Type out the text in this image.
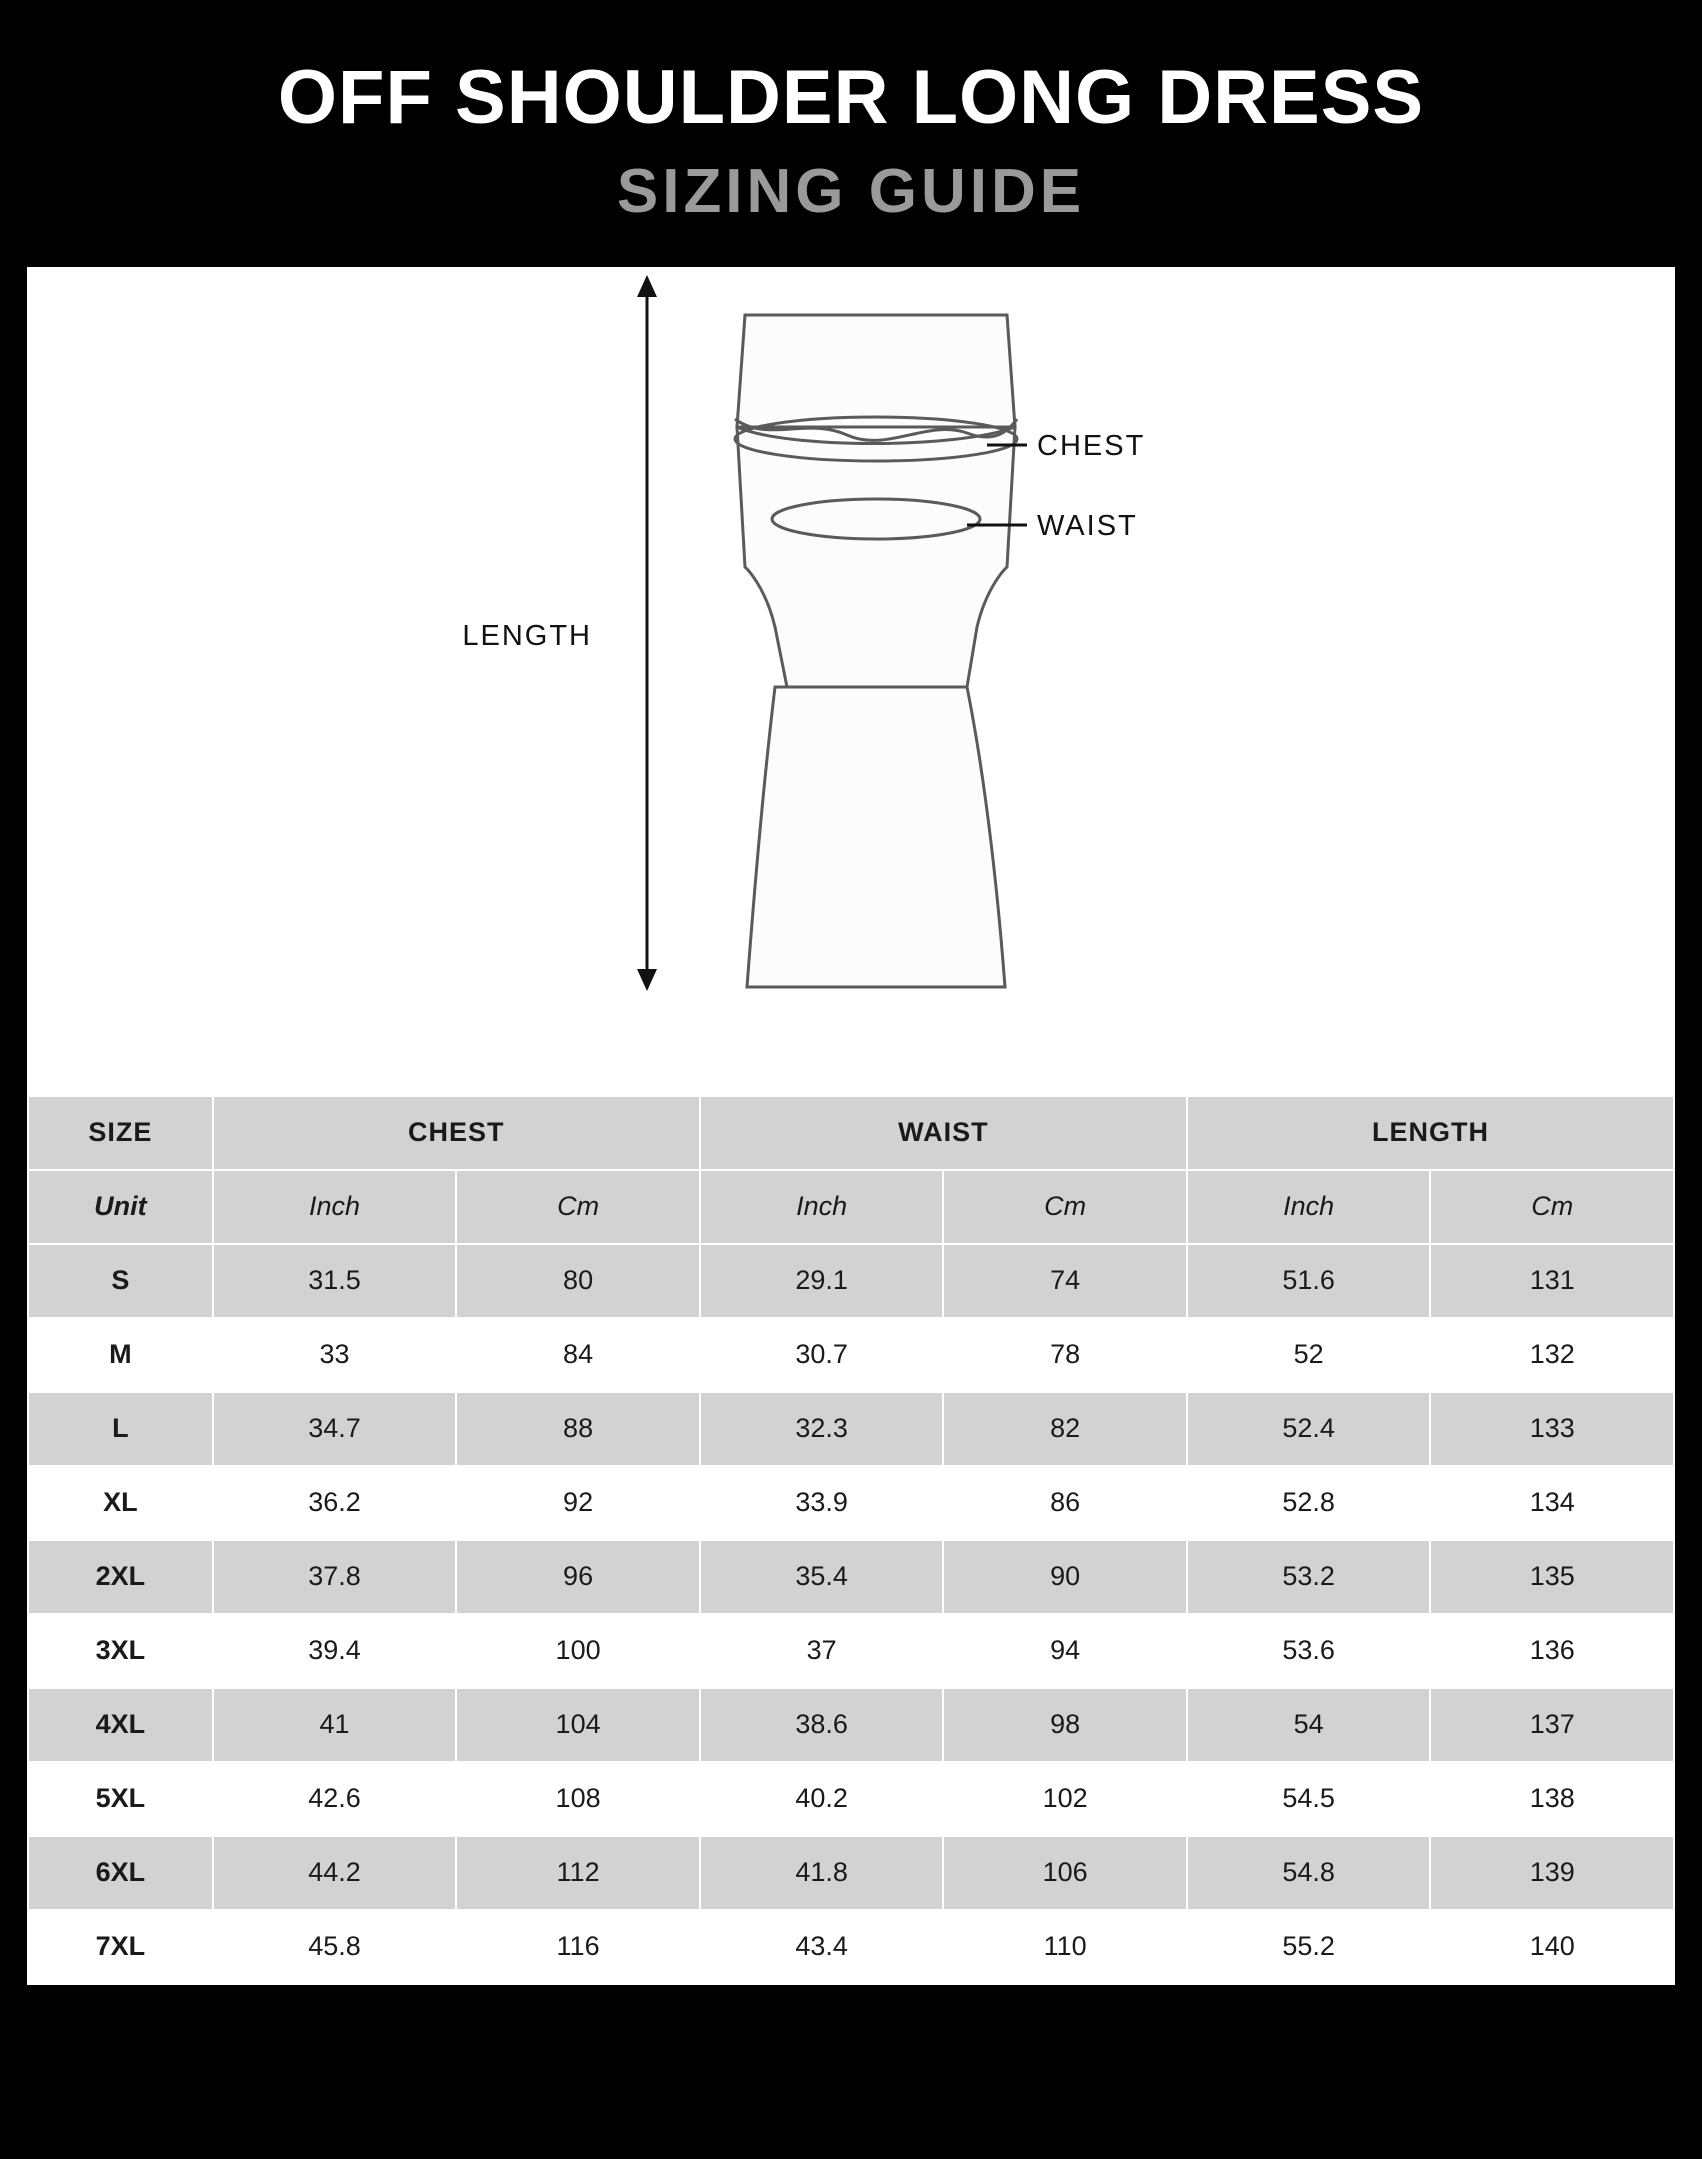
OFF SHOULDER LONG DRESS
SIZING GUIDE
CHEST
WAIST
LENGTH
SIZE	CHEST		WAIST		LENGTH	
Unit	Inch	Cm	Inch	Cm	Inch	Cm
S	31.5	80	29.1	74	51.6	131
M	33	84	30.7	78	52	132
L	34.7	88	32.3	82	52.4	133
XL	36.2	92	33.9	86	52.8	134
2XL	37.8	96	35.4	90	53.2	135
3XL	39.4	100	37	94	53.6	136
4XL	41	104	38.6	98	54	137
5XL	42.6	108	40.2	102	54.5	138
6XL	44.2	112	41.8	106	54.8	139
7XL	45.8	116	43.4	110	55.2	140
